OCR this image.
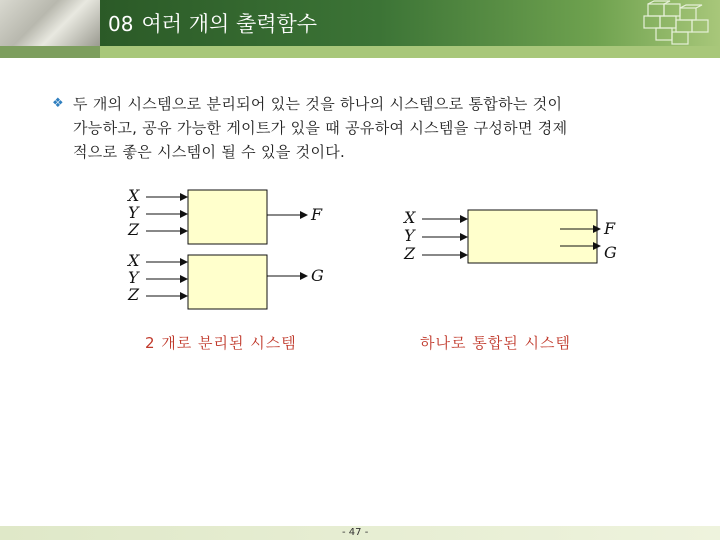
08 여러 개의 출력함수
❖ 두 개의 시스템으로 분리되어 있는 것을 하나의 시스템으로 통합하는 것이
가능하고, 공유 가능한 게이트가 있을 때 공유하여 시스템을 구성하면 경제
적으로 좋은 시스템이 될 수 있을 것이다.
X
Y
Z
F
X
Y
Z
G
X
Y
Z
F
G
2 개로 분리된 시스템	하나로 통합된 시스템
- 47 -
